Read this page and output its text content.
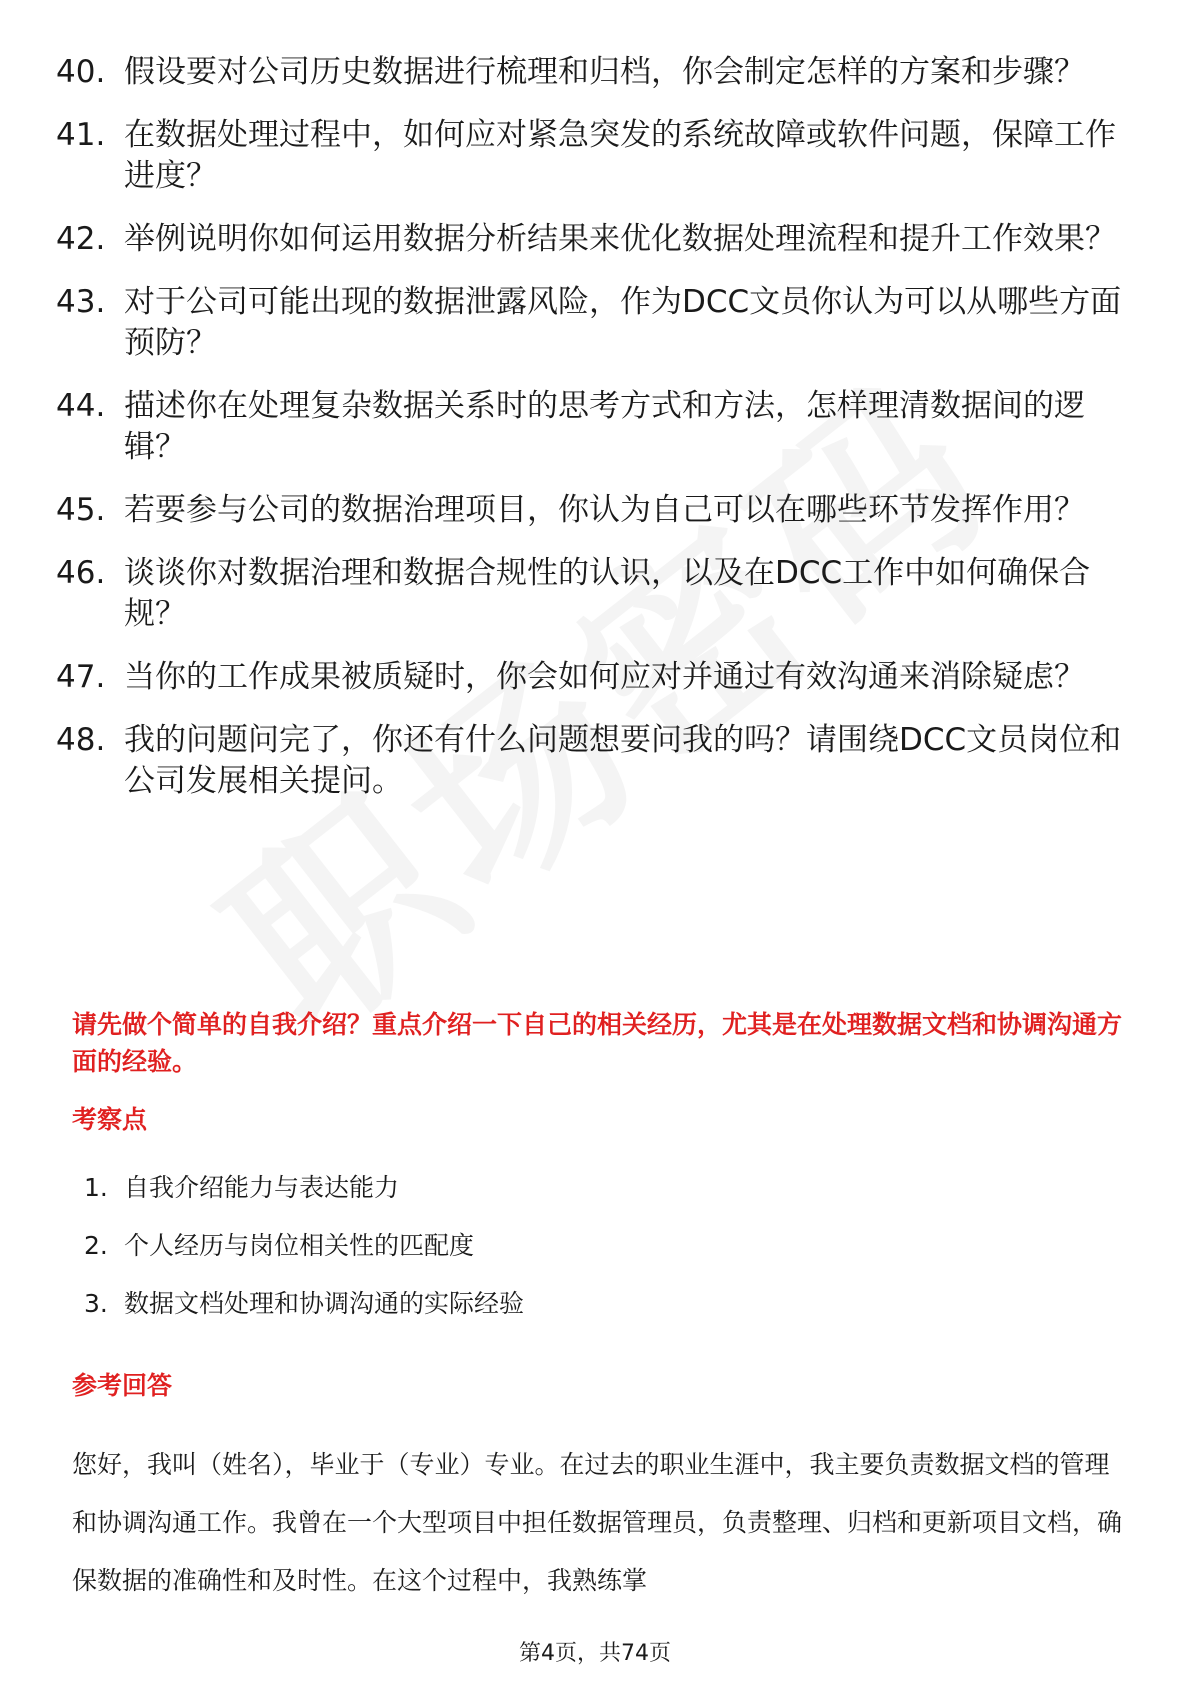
40. 假设要对公司历史数据进行梳理和归档，你会制定怎样的方案和步骤？
41. 在数据处理过程中，如何应对紧急突发的系统故障或软件问题，保障工作进度？
42. 举例说明你如何运用数据分析结果来优化数据处理流程和提升工作效果？
43. 对于公司可能出现的数据泄露风险，作为DCC文员你认为可以从哪些方面预防？
44. 描述你在处理复杂数据关系时的思考方式和方法，怎样理清数据间的逻辑？
45. 若要参与公司的数据治理项目，你认为自己可以在哪些环节发挥作用？
46. 谈谈你对数据治理和数据合规性的认识，以及在DCC工作中如何确保合规？
47. 当你的工作成果被质疑时，你会如何应对并通过有效沟通来消除疑虑？
48. 我的问题问完了，你还有什么问题想要问我的吗？请围绕DCC文员岗位和公司发展相关提问。
请先做个简单的自我介绍？重点介绍一下自己的相关经历，尤其是在处理数据文档和协调沟通方面的经验。
考察点
1. 自我介绍能力与表达能力
2. 个人经历与岗位相关性的匹配度
3. 数据文档处理和协调沟通的实际经验
参考回答
您好，我叫（姓名），毕业于（专业）专业。在过去的职业生涯中，我主要负责数据文档的管理和协调沟通工作。我曾在一个大型项目中担任数据管理员，负责整理、归档和更新项目文档，确保数据的准确性和及时性。在这个过程中，我熟练掌
第4页，共74页
